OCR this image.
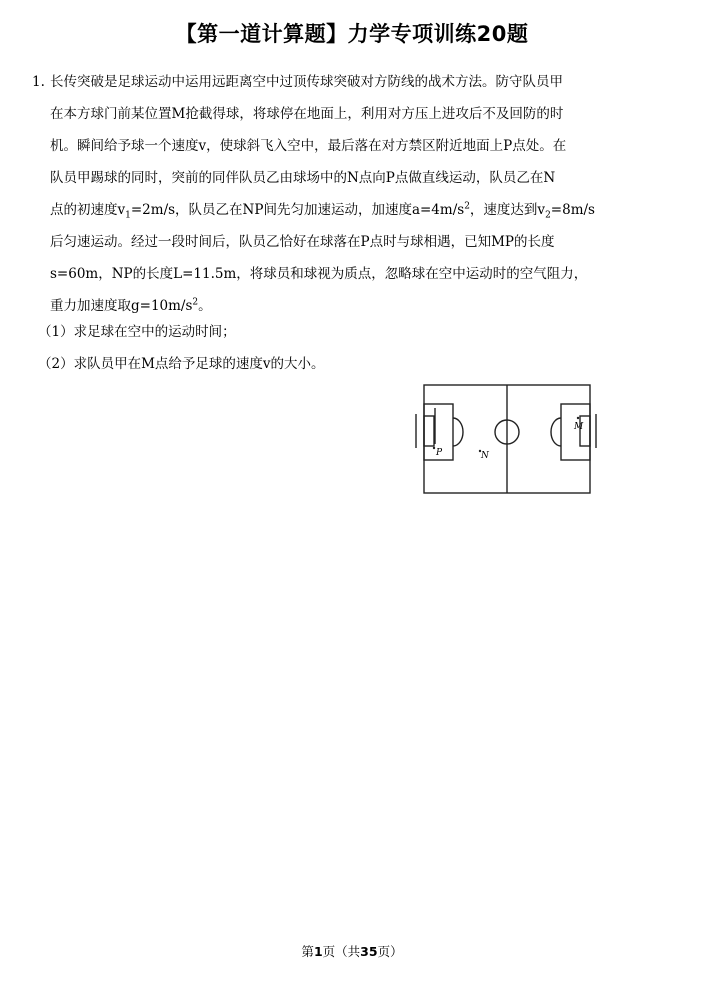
【第一道计算题】力学专项训练20题
1. 长传突破是足球运动中运用远距离空中过顶传球突破对方防线的战术方法。防守队员甲
在本方球门前某位置M抢截得球，将球停在地面上，利用对方压上进攻后不及回防的时
机。瞬间给予球一个速度v，使球斜飞入空中，最后落在对方禁区附近地面上P点处。在
队员甲踢球的同时，突前的同伴队员乙由球场中的N点向P点做直线运动，队员乙在N
点的初速度$v_1=2m/s$，队员乙在NP间先匀加速运动，加速度$a=4m/s^2$，速度达到$v_2=8m/s$
后匀速运动。经过一段时间后，队员乙恰好在球落在P点时与球相遇，已知MP的长度
s=60m，NP的长度L=11.5m，将球员和球视为质点，忽略球在空中运动时的空气阻力，
重力加速度取$g=10m/s^2$。
（1）求足球在空中的运动时间；
（2）求队员甲在M点给予足球的速度v的大小。
P	N
M
第1页（共35页）
